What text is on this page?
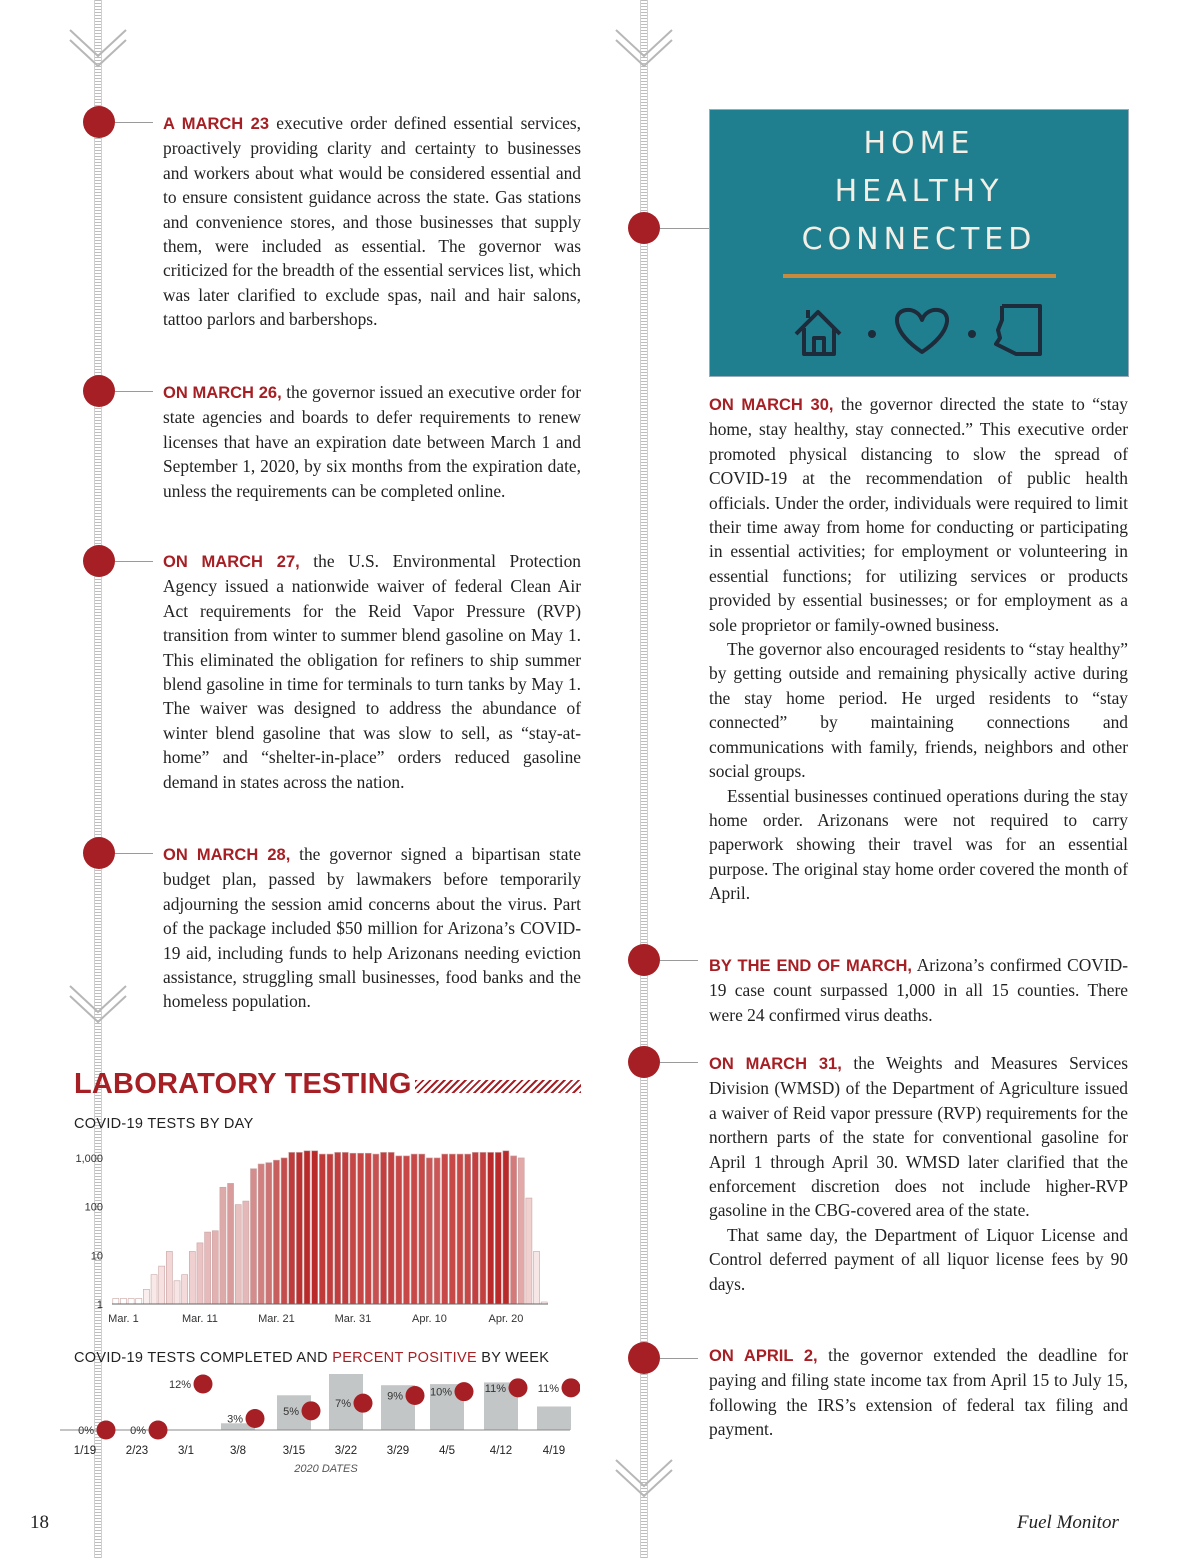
A MARCH 23 executive order defined essential services, proactively providing clarity and certainty to businesses and workers about what would be considered essential and to ensure consistent guidance across the state. Gas stations and convenience stores, and those businesses that supply them, were included as essential. The governor was criticized for the breadth of the essential services list, which was later clarified to exclude spas, nail and hair salons, tattoo parlors and barbershops.

ON MARCH 26, the governor issued an executive order for state agencies and boards to defer requirements to renew licenses that have an expiration date between March 1 and September 1, 2020, by six months from the expiration date, unless the requirements can be completed online.

ON MARCH 27, the U.S. Environmental Protection Agency issued a nationwide waiver of federal Clean Air Act requirements for the Reid Vapor Pressure (RVP) transition from winter to summer blend gasoline on May 1. This eliminated the obligation for refiners to ship summer blend gasoline in time for terminals to turn tanks by May 1. The waiver was designed to address the abundance of winter blend gasoline that was slow to sell, as “stay-at-home” and “shelter-in-place” orders reduced gasoline demand in states across the nation.

ON MARCH 28, the governor signed a bipartisan state budget plan, passed by lawmakers before temporarily adjourning the session amid concerns about the virus. Part of the package included $50 million for Arizona’s COVID-19 aid, including funds to help Arizonans needing eviction assistance, struggling small businesses, food banks and the homeless population.

HOME
HEALTHY
CONNECTED

ON MARCH 30, the governor directed the state to “stay home, stay healthy, stay connected.” This executive order promoted physical distancing to slow the spread of COVID-19 at the recommendation of public health officials. Under the order, individuals were required to limit their time away from home for conducting or participating in essential activities; for employment or volunteering in essential functions; for utilizing services or products provided by essential businesses; or for employment as a sole proprietor or family-owned business.

The governor also encouraged residents to “stay healthy” by getting outside and remaining physically active during the stay home period. He urged residents to “stay connected” by maintaining connections and communications with family, friends, neighbors and other social groups.

Essential businesses continued operations during the stay home order. Arizonans were not required to carry paperwork showing their travel was for an essential purpose. The original stay home order covered the month of April.

BY THE END OF MARCH, Arizona’s confirmed COVID-19 case count surpassed 1,000 in all 15 counties. There were 24 confirmed virus deaths.

ON MARCH 31, the Weights and Measures Services Division (WMSD) of the Department of Agriculture issued a waiver of Reid vapor pressure (RVP) requirements for the northern parts of the state for conventional gasoline for April 1 through April 30. WMSD later clarified that the enforcement discretion does not include higher-RVP gasoline in the CBG-covered area of the state.

That same day, the Department of Liquor License and Control deferred payment of all liquor license fees by 90 days.

ON APRIL 2, the governor extended the deadline for paying and filing state income tax from April 15 to July 15, following the IRS’s extension of federal tax filing and payment.

LABORATORY TESTING
COVID-19 TESTS BY DAY
1
10
100
1,000
Mar. 1	Mar. 11	Mar. 21	Mar. 31	Apr. 10	Apr. 20
COVID-19 TESTS COMPLETED AND PERCENT POSITIVE BY WEEK
0%	0%
12%
3%
5%
7%
9% 10%	11%	11%
1/19	2/23	3/1	3/8	3/15	3/22	3/29	4/5	4/12	4/19
2020 DATES
18	Fuel Monitor
